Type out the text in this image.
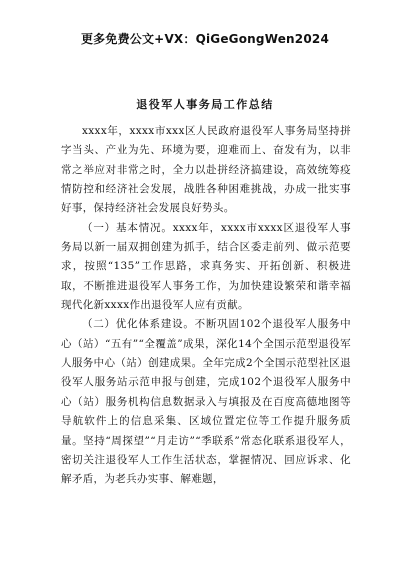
更多免费公文+VX：QiGeGongWen2024
退役军人事务局工作总结

xxxx年，xxxx市xxx区人民政府退役军人事务局坚持拼字当头、产业为先、环境为要，迎难而上、奋发有为，以非常之举应对非常之时，全力以赴拼经济搞建设，高效统筹疫情防控和经济社会发展，战胜各种困难挑战，办成一批实事好事，保持经济社会发展良好势头。

（一）基本情况。xxxx年，xxxx市xxxx区退役军人事务局以新一届双拥创建为抓手，结合区委走前列、做示范要求，按照“135”工作思路，求真务实、开拓创新、积极进取，不断推进退役军人事务工作，为加快建设繁荣和谐幸福现代化新xxxx作出退役军人应有贡献。

（二）优化体系建设。不断巩固102个退役军人服务中心（站）“五有”“全覆盖”成果，深化14个全国示范型退役军人服务中心（站）创建成果。全年完成2个全国示范型社区退役军人服务站示范申报与创建，完成102个退役军人服务中心（站）服务机构信息数据录入与填报及在百度高德地图等导航软件上的信息采集、区域位置定位等工作提升服务质量。坚持“周探望”“月走访”“季联系”常态化联系退役军人，密切关注退役军人工作生活状态，掌握情况、回应诉求、化解矛盾，为老兵办实事、解难题，
